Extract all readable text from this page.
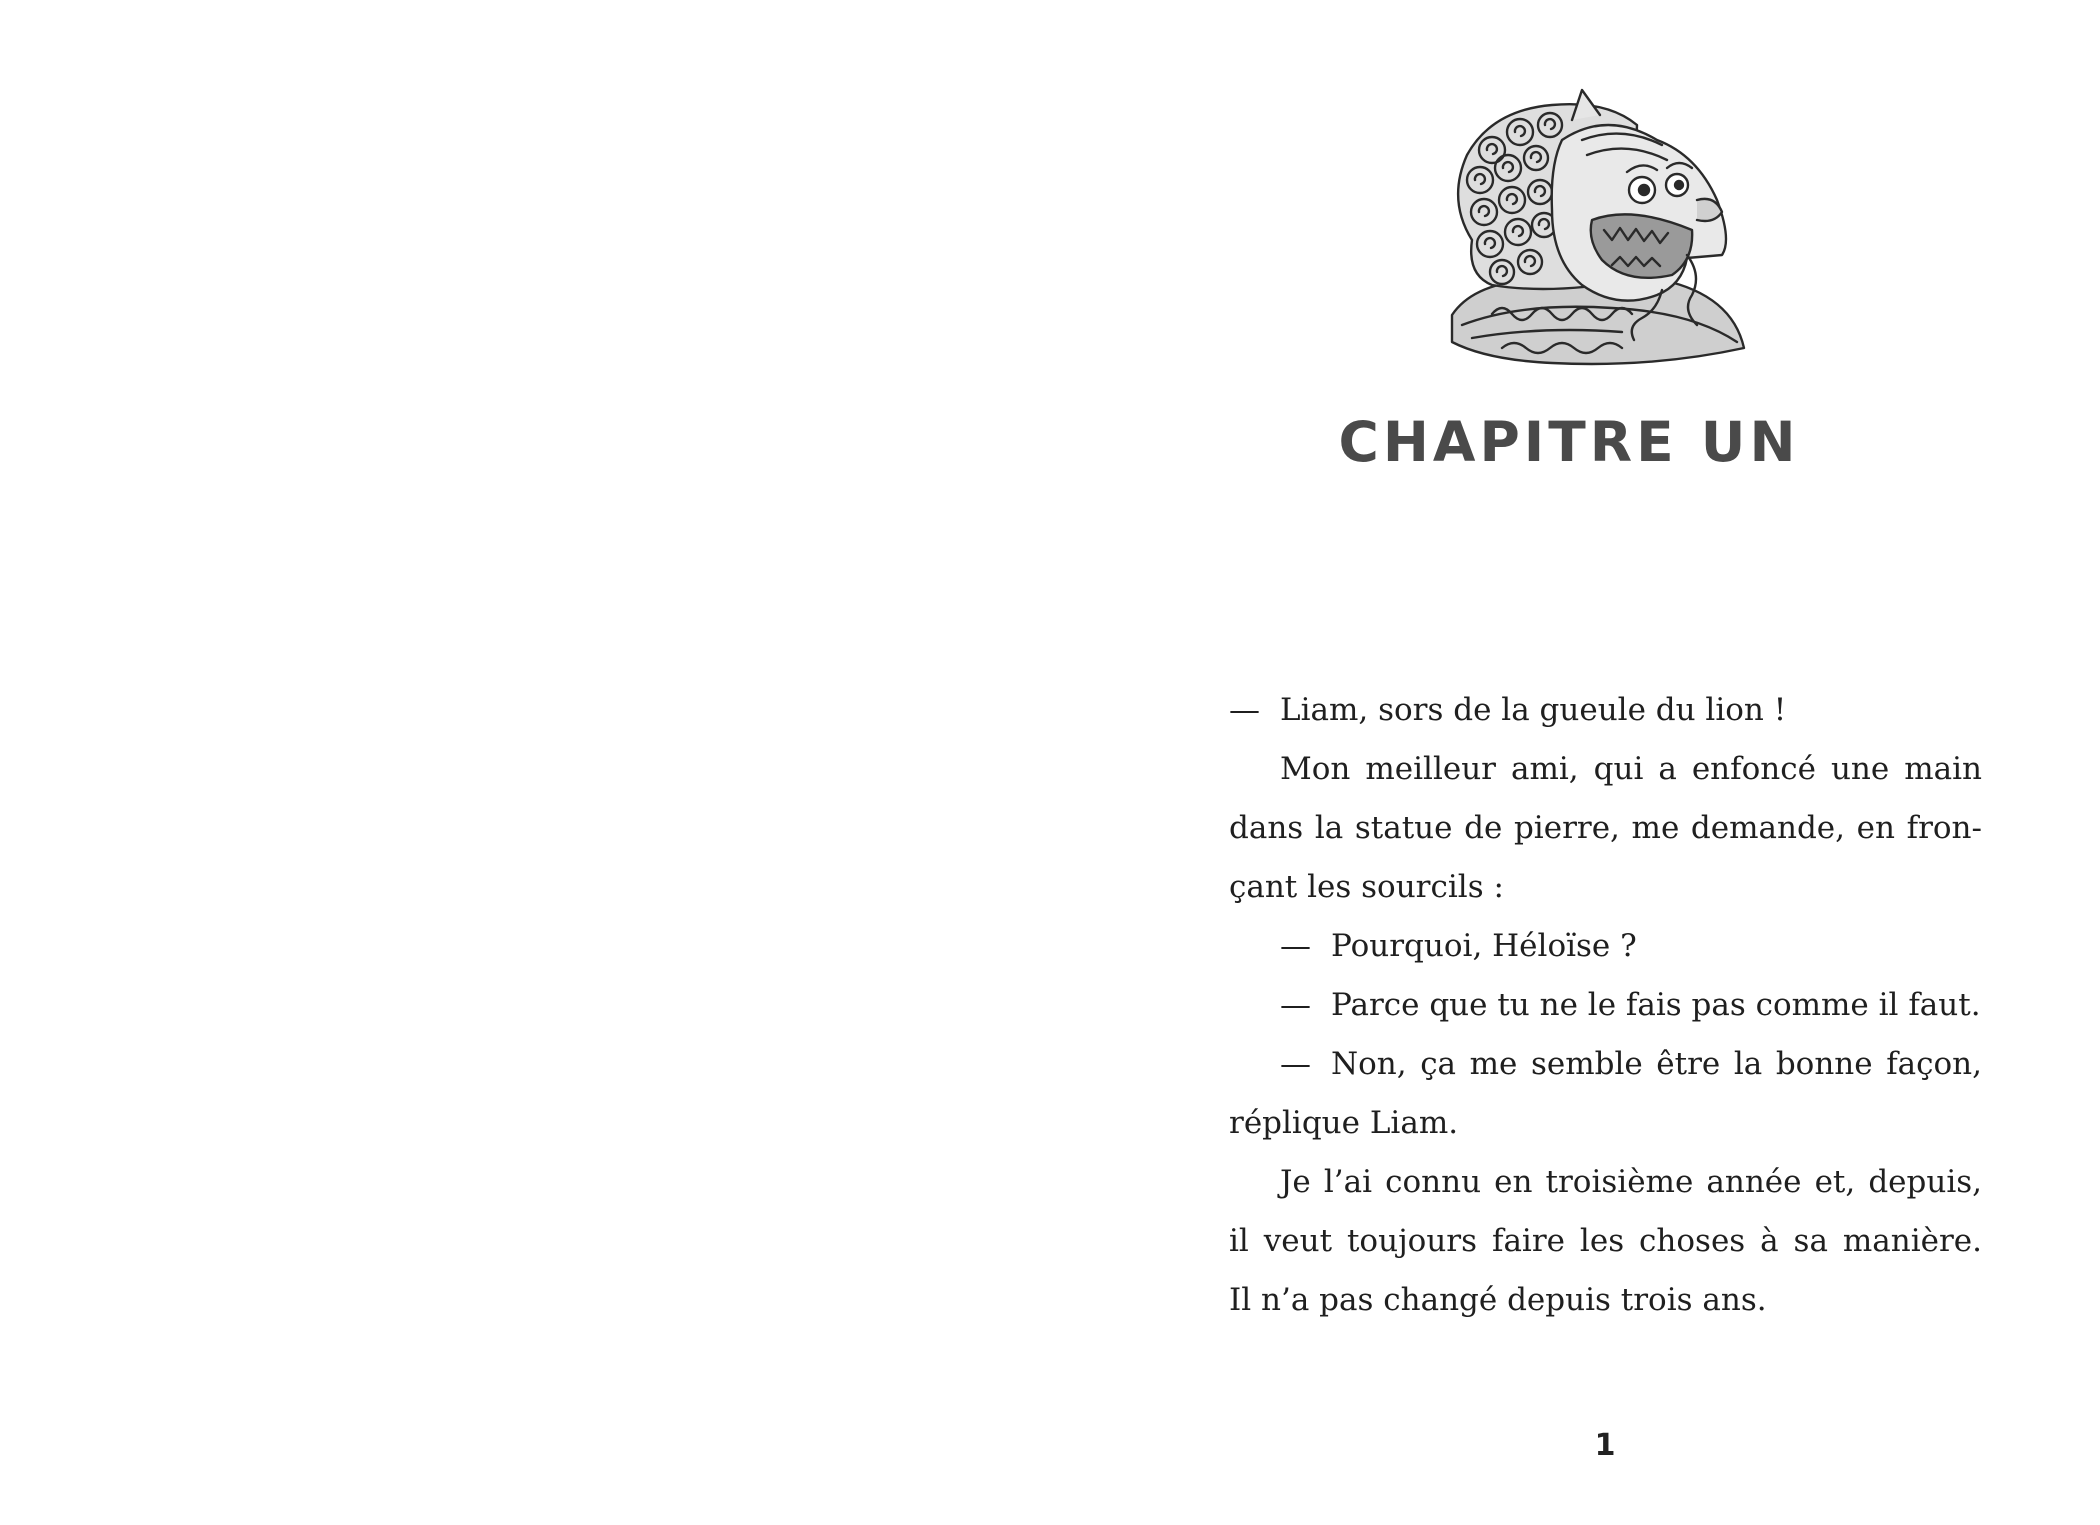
CHAPITRE UN
— Liam, sors de la gueule du lion !
Mon meilleur ami, qui a enfoncé une main
dans la statue de pierre, me demande, en fron-
çant les sourcils :
— Pourquoi, Héloïse ?
— Parce que tu ne le fais pas comme il faut.
— Non, ça me semble être la bonne façon,
réplique Liam.
Je l’ai connu en troisième année et, depuis,
il veut toujours faire les choses à sa manière.
Il n’a pas changé depuis trois ans.
1
